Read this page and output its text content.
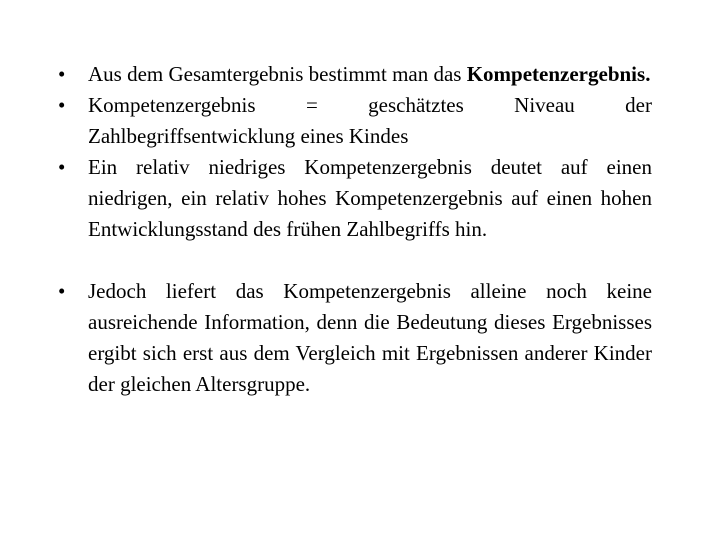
• Aus dem Gesamtergebnis bestimmt man das Kompetenzergebnis.
• Kompetenzergebnis = geschätztes Niveau der Zahlbegriffsentwicklung eines Kindes
• Ein relativ niedriges Kompetenzergebnis deutet auf einen niedrigen, ein relativ hohes Kompetenzergebnis auf einen hohen Entwicklungsstand des frühen Zahlbegriffs hin.
• Jedoch liefert das Kompetenzergebnis alleine noch keine ausreichende Information, denn die Bedeutung dieses Ergebnisses ergibt sich erst aus dem Vergleich mit Ergebnissen anderer Kinder der gleichen Altersgruppe.
